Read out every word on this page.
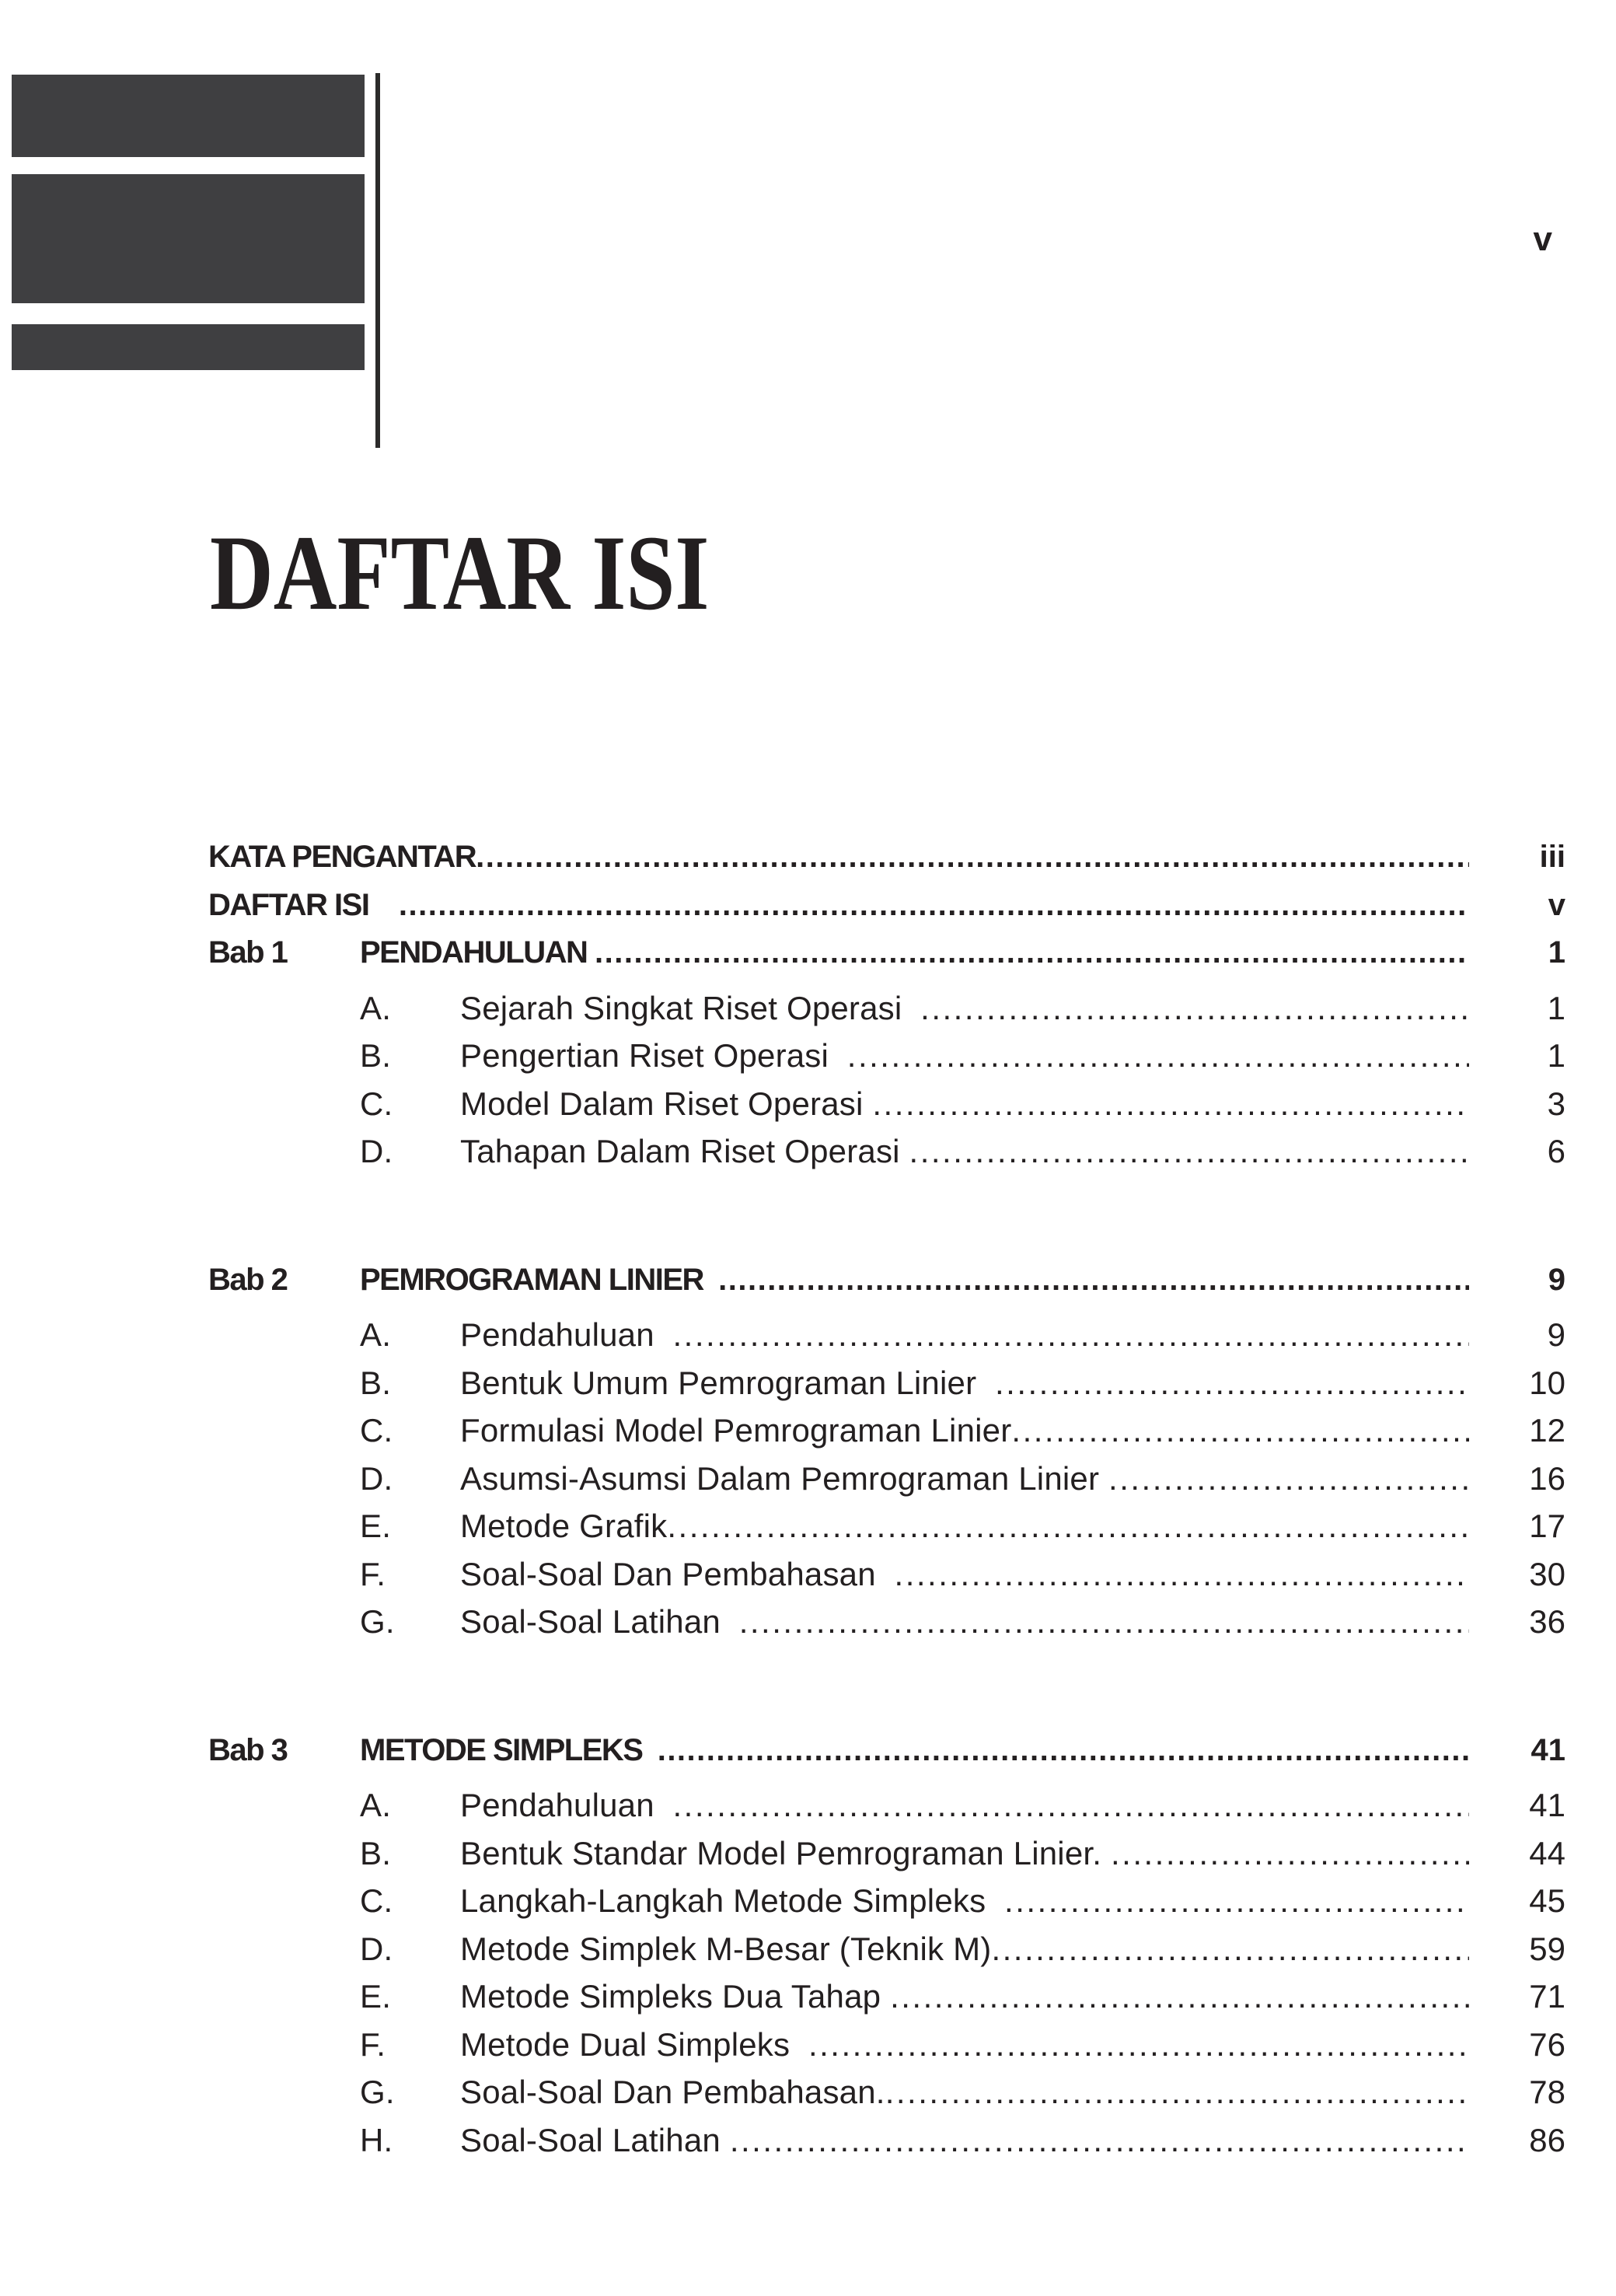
v
DAFTAR ISI
KATA PENGANTAR .....	iii
DAFTAR ISI .....	v
Bab 1	PENDAHULUAN .....	1
A.	Sejarah Singkat Riset Operasi .....	1
B.	Pengertian Riset Operasi .....	1
C.	Model Dalam Riset Operasi .....	3
D.	Tahapan Dalam Riset Operasi .....	6
Bab 2	PEMROGRAMAN LINIER .....	9
A.	Pendahuluan .....	9
B.	Bentuk Umum Pemrograman Linier .....	10
C.	Formulasi Model Pemrograman Linier .....	12
D.	Asumsi-Asumsi Dalam Pemrograman Linier .....	16
E.	Metode Grafik .....	17
F.	Soal-Soal Dan Pembahasan .....	30
G.	Soal-Soal Latihan .....	36
Bab 3	METODE SIMPLEKS .....	41
A.	Pendahuluan .....	41
B.	Bentuk Standar Model Pemrograman Linier. .....	44
C.	Langkah-Langkah Metode Simpleks .....	45
D.	Metode Simplek M-Besar (Teknik M) .....	59
E.	Metode Simpleks Dua Tahap .....	71
F.	Metode Dual Simpleks .....	76
G.	Soal-Soal Dan Pembahasan. .....	78
H.	Soal-Soal Latihan .....	86
